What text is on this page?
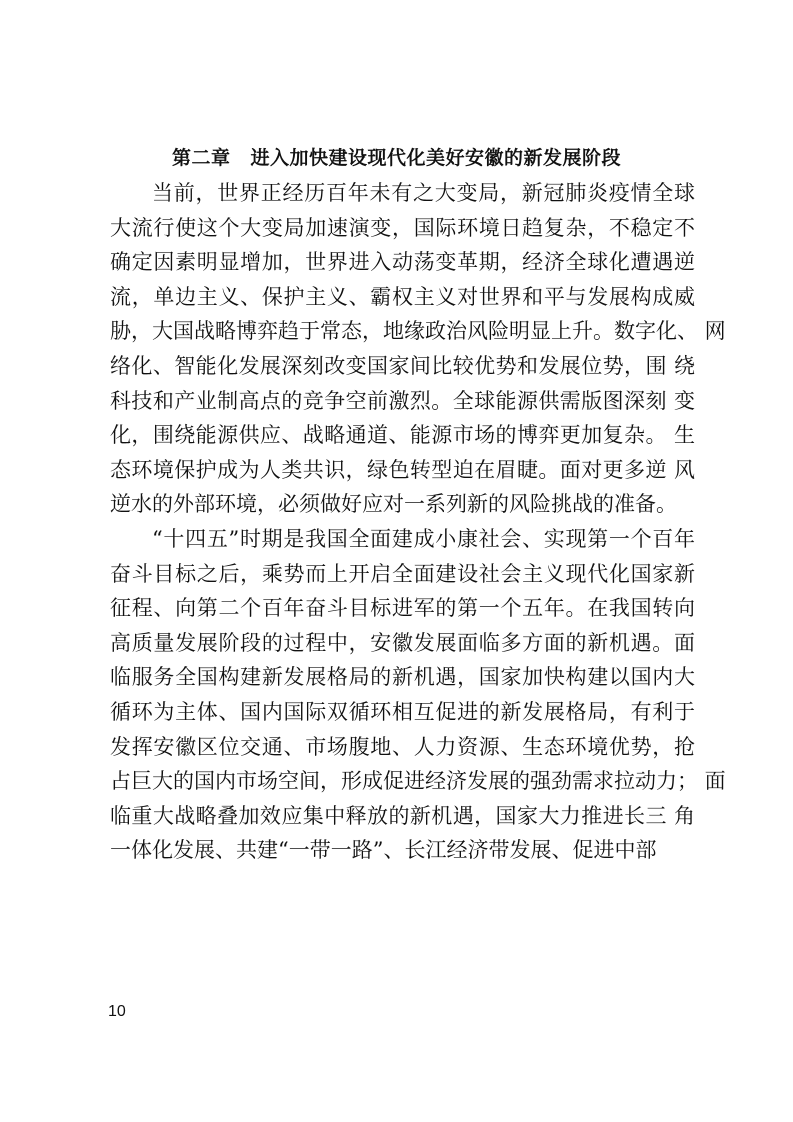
第二章 进入加快建设现代化美好安徽的新发展阶段
当前，世界正经历百年未有之大变局，新冠肺炎疫情全球
大流行使这个大变局加速演变，国际环境日趋复杂，不稳定不
确定因素明显增加，世界进入动荡变革期，经济全球化遭遇逆
流，单边主义、保护主义、霸权主义对世界和平与发展构成威
胁，大国战略博弈趋于常态，地缘政治风险明显上升。数字化、 网
络化、智能化发展深刻改变国家间比较优势和发展位势，围 绕
科技和产业制高点的竞争空前激烈。全球能源供需版图深刻 变
化，围绕能源供应、战略通道、能源市场的博弈更加复杂。 生
态环境保护成为人类共识，绿色转型迫在眉睫。面对更多逆 风
逆水的外部环境，必须做好应对一系列新的风险挑战的准备。
“十四五”时期是我国全面建成小康社会、实现第一个百年
奋斗目标之后，乘势而上开启全面建设社会主义现代化国家新
征程、向第二个百年奋斗目标进军的第一个五年。在我国转向
高质量发展阶段的过程中，安徽发展面临多方面的新机遇。面
临服务全国构建新发展格局的新机遇，国家加快构建以国内大
循环为主体、国内国际双循环相互促进的新发展格局，有利于
发挥安徽区位交通、市场腹地、人力资源、生态环境优势，抢
占巨大的国内市场空间，形成促进经济发展的强劲需求拉动力； 面
临重大战略叠加效应集中释放的新机遇，国家大力推进长三 角
一体化发展、共建“一带一路”、长江经济带发展、促进中部
10
